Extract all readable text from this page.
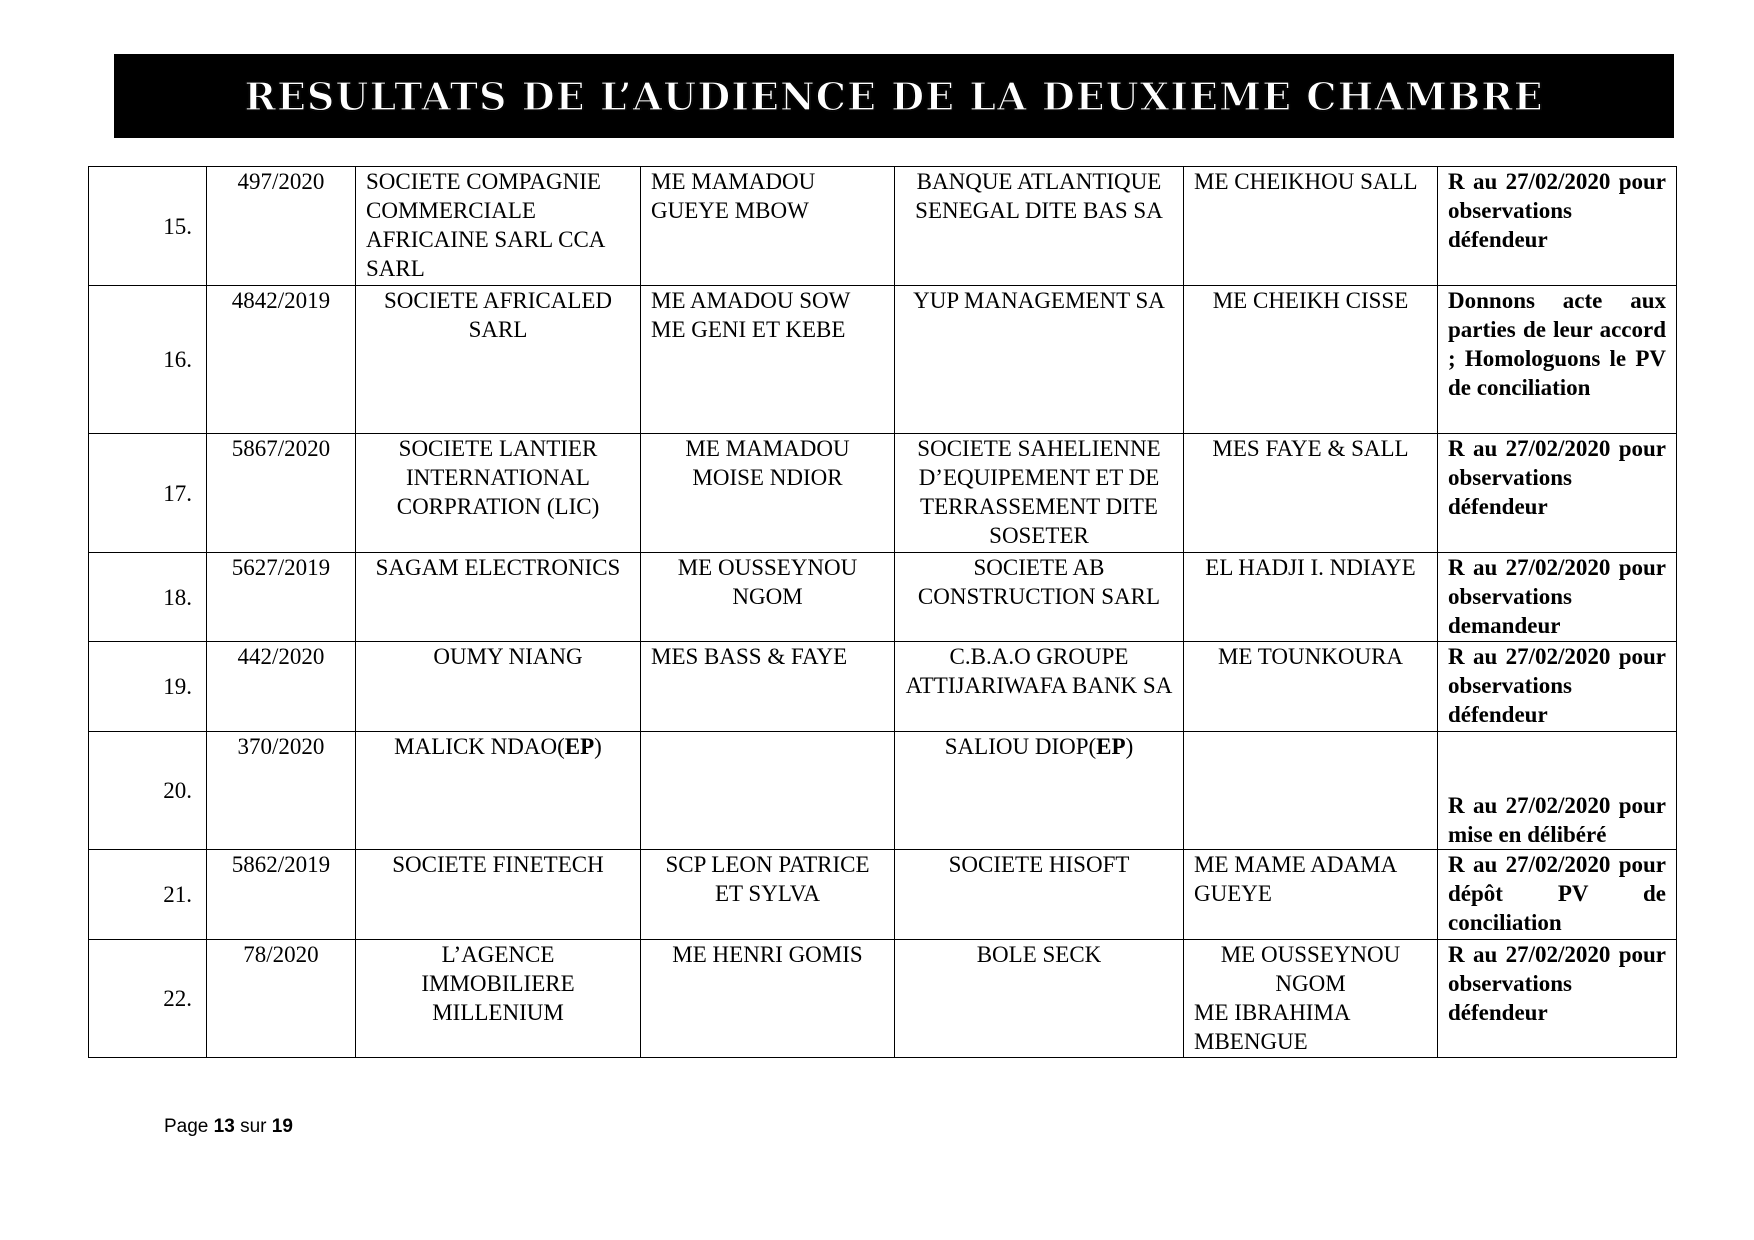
RESULTATS DE L’AUDIENCE DE LA DEUXIEME CHAMBRE
15.	497/2020	SOCIETE COMPAGNIE COMMERCIALE AFRICAINE SARL CCA SARL	ME MAMADOU GUEYE MBOW	BANQUE ATLANTIQUE SENEGAL DITE BAS SA	ME CHEIKHOU SALL	R au 27/02/2020 pour observations défendeur
16.	4842/2019	SOCIETE AFRICALED SARL	ME AMADOU SOW
ME GENI ET KEBE	YUP MANAGEMENT SA	ME CHEIKH CISSE	Donnons acte aux parties de leur accord ; Homologuons le PV de conciliation
17.	5867/2020	SOCIETE LANTIER INTERNATIONAL CORPRATION (LIC)	ME MAMADOU MOISE NDIOR	SOCIETE SAHELIENNE D’EQUIPEMENT ET DE TERRASSEMENT DITE SOSETER	MES FAYE & SALL	R au 27/02/2020 pour observations défendeur
18.	5627/2019	SAGAM ELECTRONICS	ME OUSSEYNOU NGOM	SOCIETE AB CONSTRUCTION SARL	EL HADJI I. NDIAYE	R au 27/02/2020 pour observations demandeur
19.	442/2020	OUMY NIANG	MES BASS & FAYE	C.B.A.O GROUPE ATTIJARIWAFA BANK SA	ME TOUNKOURA	R au 27/02/2020 pour observations défendeur
20.	370/2020	MALICK NDAO(EP)		SALIOU DIOP(EP)		R au 27/02/2020 pour mise en délibéré
21.	5862/2019	SOCIETE FINETECH	SCP LEON PATRICE ET SYLVA	SOCIETE HISOFT	ME MAME ADAMA GUEYE	R au 27/02/2020 pour dépôt PV de conciliation
22.	78/2020	L’AGENCE IMMOBILIERE MILLENIUM	ME HENRI GOMIS	BOLE SECK	ME OUSSEYNOU NGOM
ME IBRAHIMA MBENGUE	R au 27/02/2020 pour observations défendeur
Page 13 sur 19
